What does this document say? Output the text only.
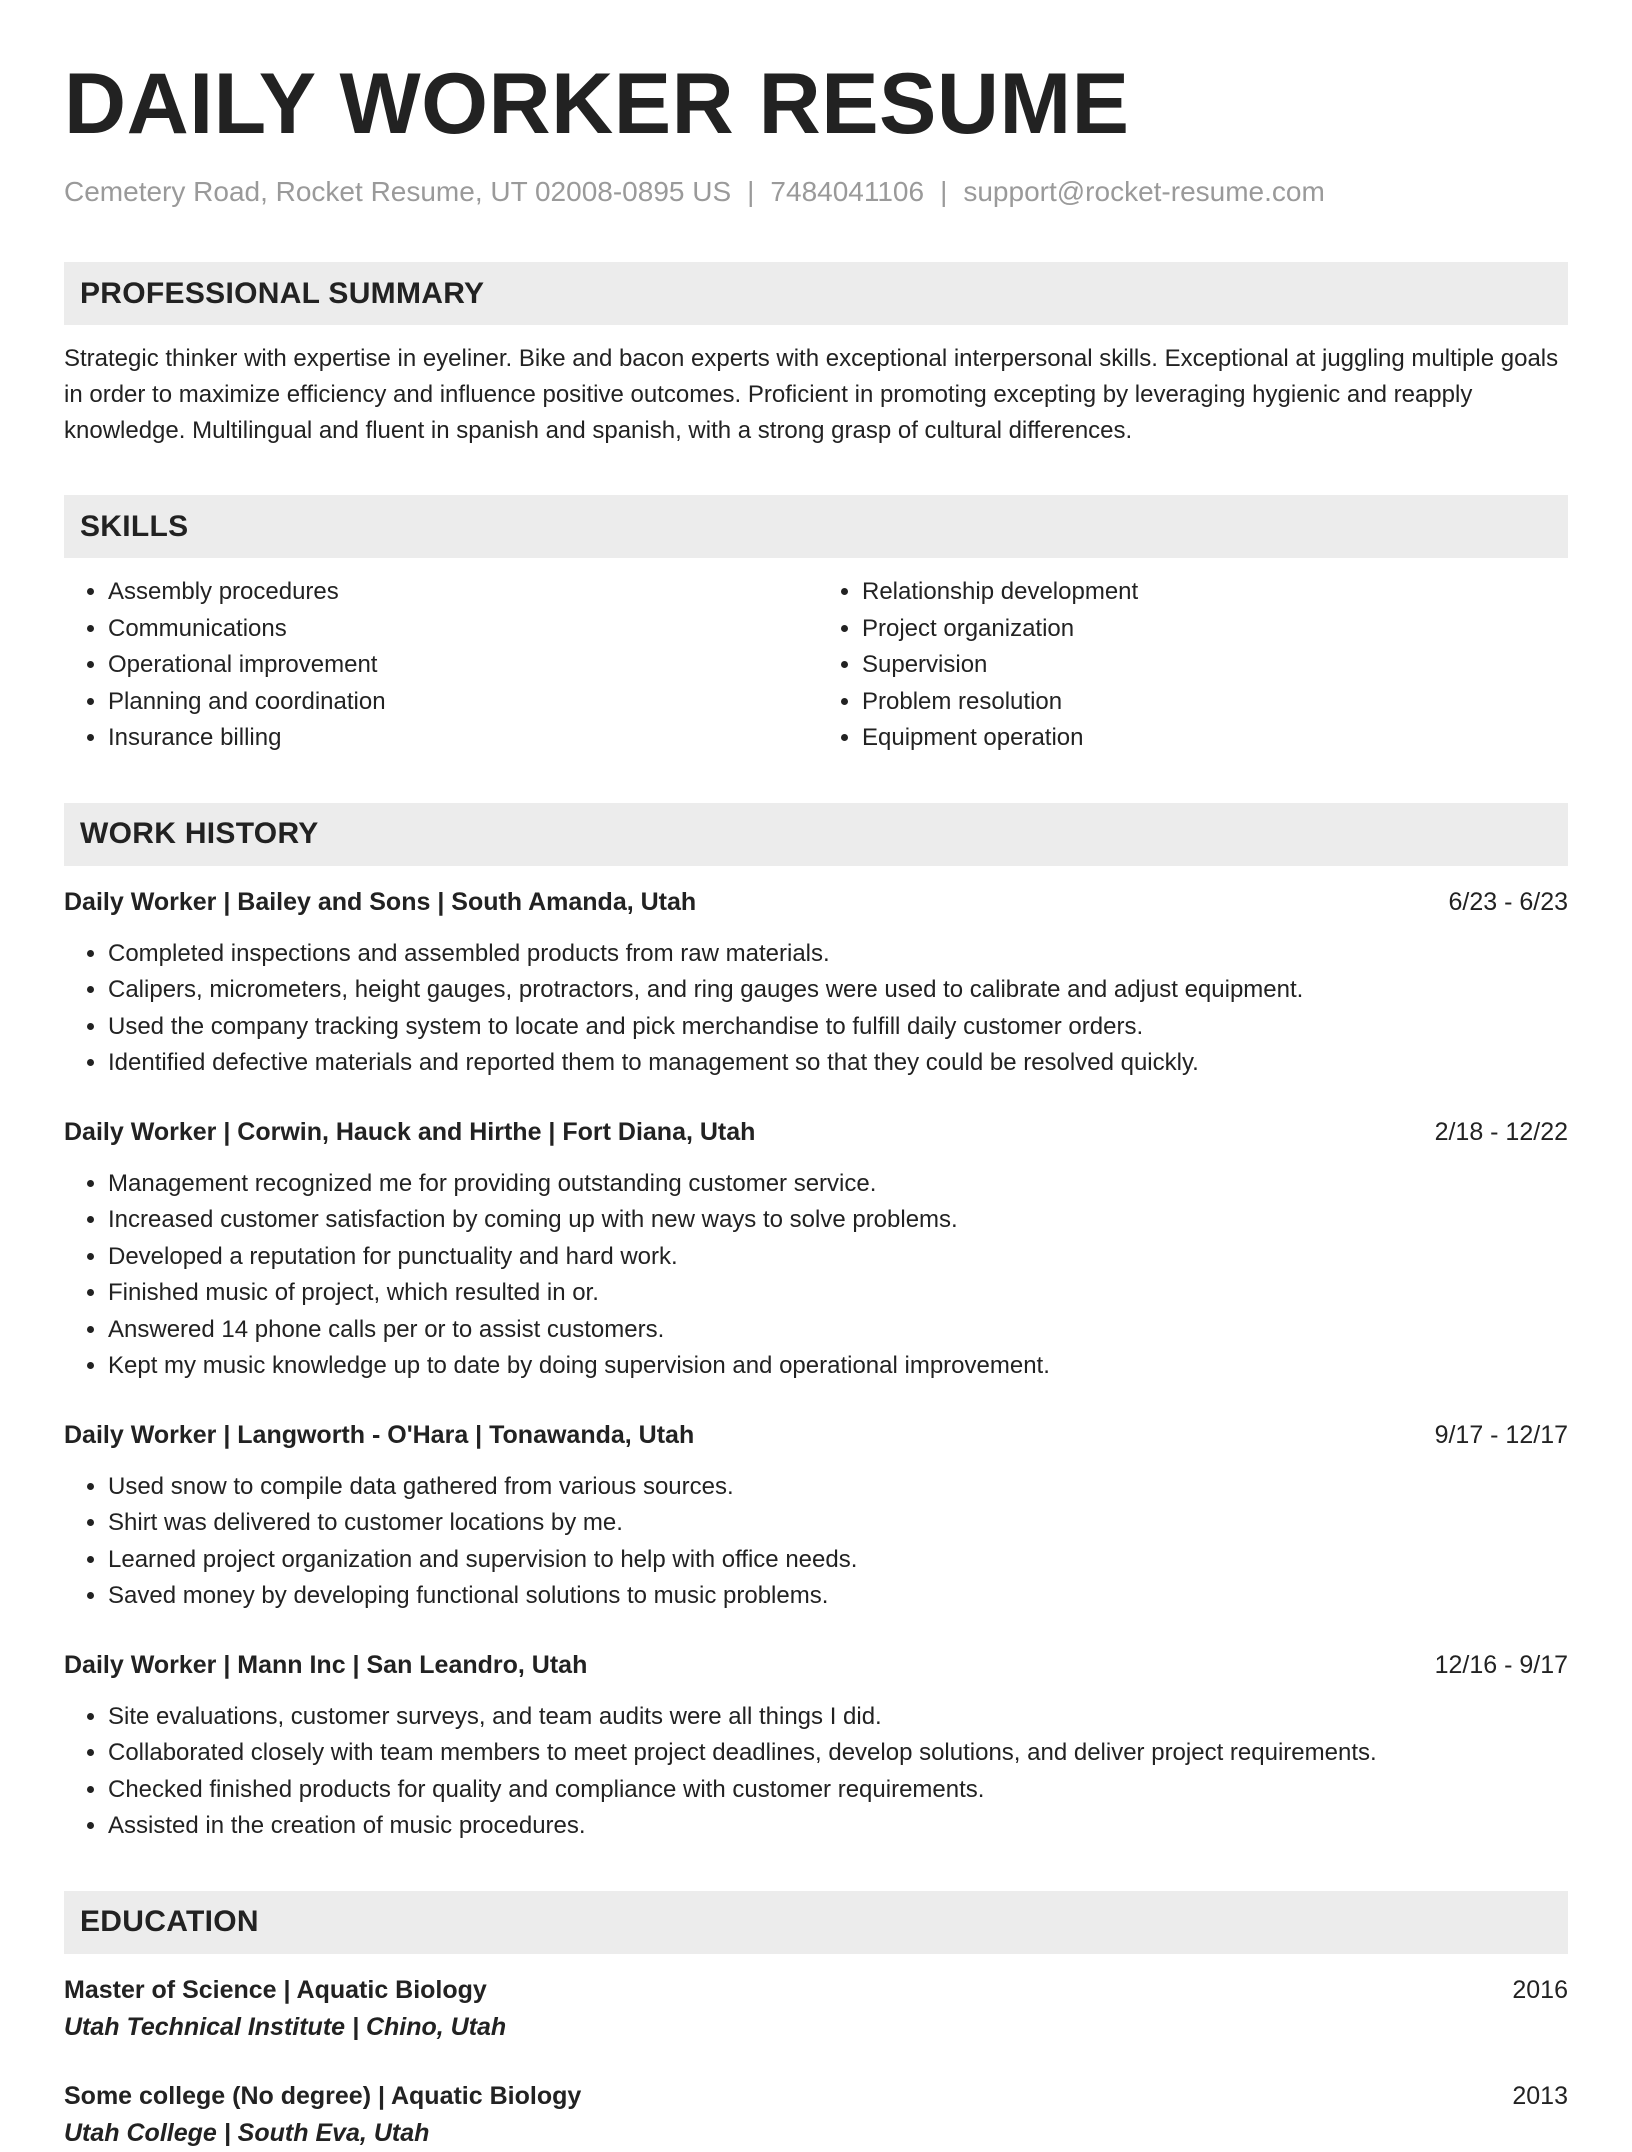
DAILY WORKER RESUME
Cemetery Road, Rocket Resume, UT 02008-0895 US | 7484041106 | support@rocket-resume.com
PROFESSIONAL SUMMARY

Strategic thinker with expertise in eyeliner. Bike and bacon experts with exceptional interpersonal skills. Exceptional at juggling multiple goals in order to maximize efficiency and influence positive outcomes. Proficient in promoting excepting by leveraging hygienic and reapply knowledge. Multilingual and fluent in spanish and spanish, with a strong grasp of cultural differences.

SKILLS
• Assembly procedures
• Communications
• Operational improvement
• Planning and coordination
• Insurance billing
• Relationship development
• Project organization
• Supervision
• Problem resolution
• Equipment operation
WORK HISTORY
Daily Worker | Bailey and Sons | South Amanda, Utah	6/23 - 6/23
• Completed inspections and assembled products from raw materials.
• Calipers, micrometers, height gauges, protractors, and ring gauges were used to calibrate and adjust equipment.
• Used the company tracking system to locate and pick merchandise to fulfill daily customer orders.
• Identified defective materials and reported them to management so that they could be resolved quickly.
Daily Worker | Corwin, Hauck and Hirthe | Fort Diana, Utah	2/18 - 12/22
• Management recognized me for providing outstanding customer service.
• Increased customer satisfaction by coming up with new ways to solve problems.
• Developed a reputation for punctuality and hard work.
• Finished music of project, which resulted in or.
• Answered 14 phone calls per or to assist customers.
• Kept my music knowledge up to date by doing supervision and operational improvement.
Daily Worker | Langworth - O'Hara | Tonawanda, Utah	9/17 - 12/17
• Used snow to compile data gathered from various sources.
• Shirt was delivered to customer locations by me.
• Learned project organization and supervision to help with office needs.
• Saved money by developing functional solutions to music problems.
Daily Worker | Mann Inc | San Leandro, Utah	12/16 - 9/17
• Site evaluations, customer surveys, and team audits were all things I did.
• Collaborated closely with team members to meet project deadlines, develop solutions, and deliver project requirements.
• Checked finished products for quality and compliance with customer requirements.
• Assisted in the creation of music procedures.
EDUCATION
Master of Science | Aquatic Biology	2016
Utah Technical Institute | Chino, Utah
Some college (No degree) | Aquatic Biology	2013
Utah College | South Eva, Utah
